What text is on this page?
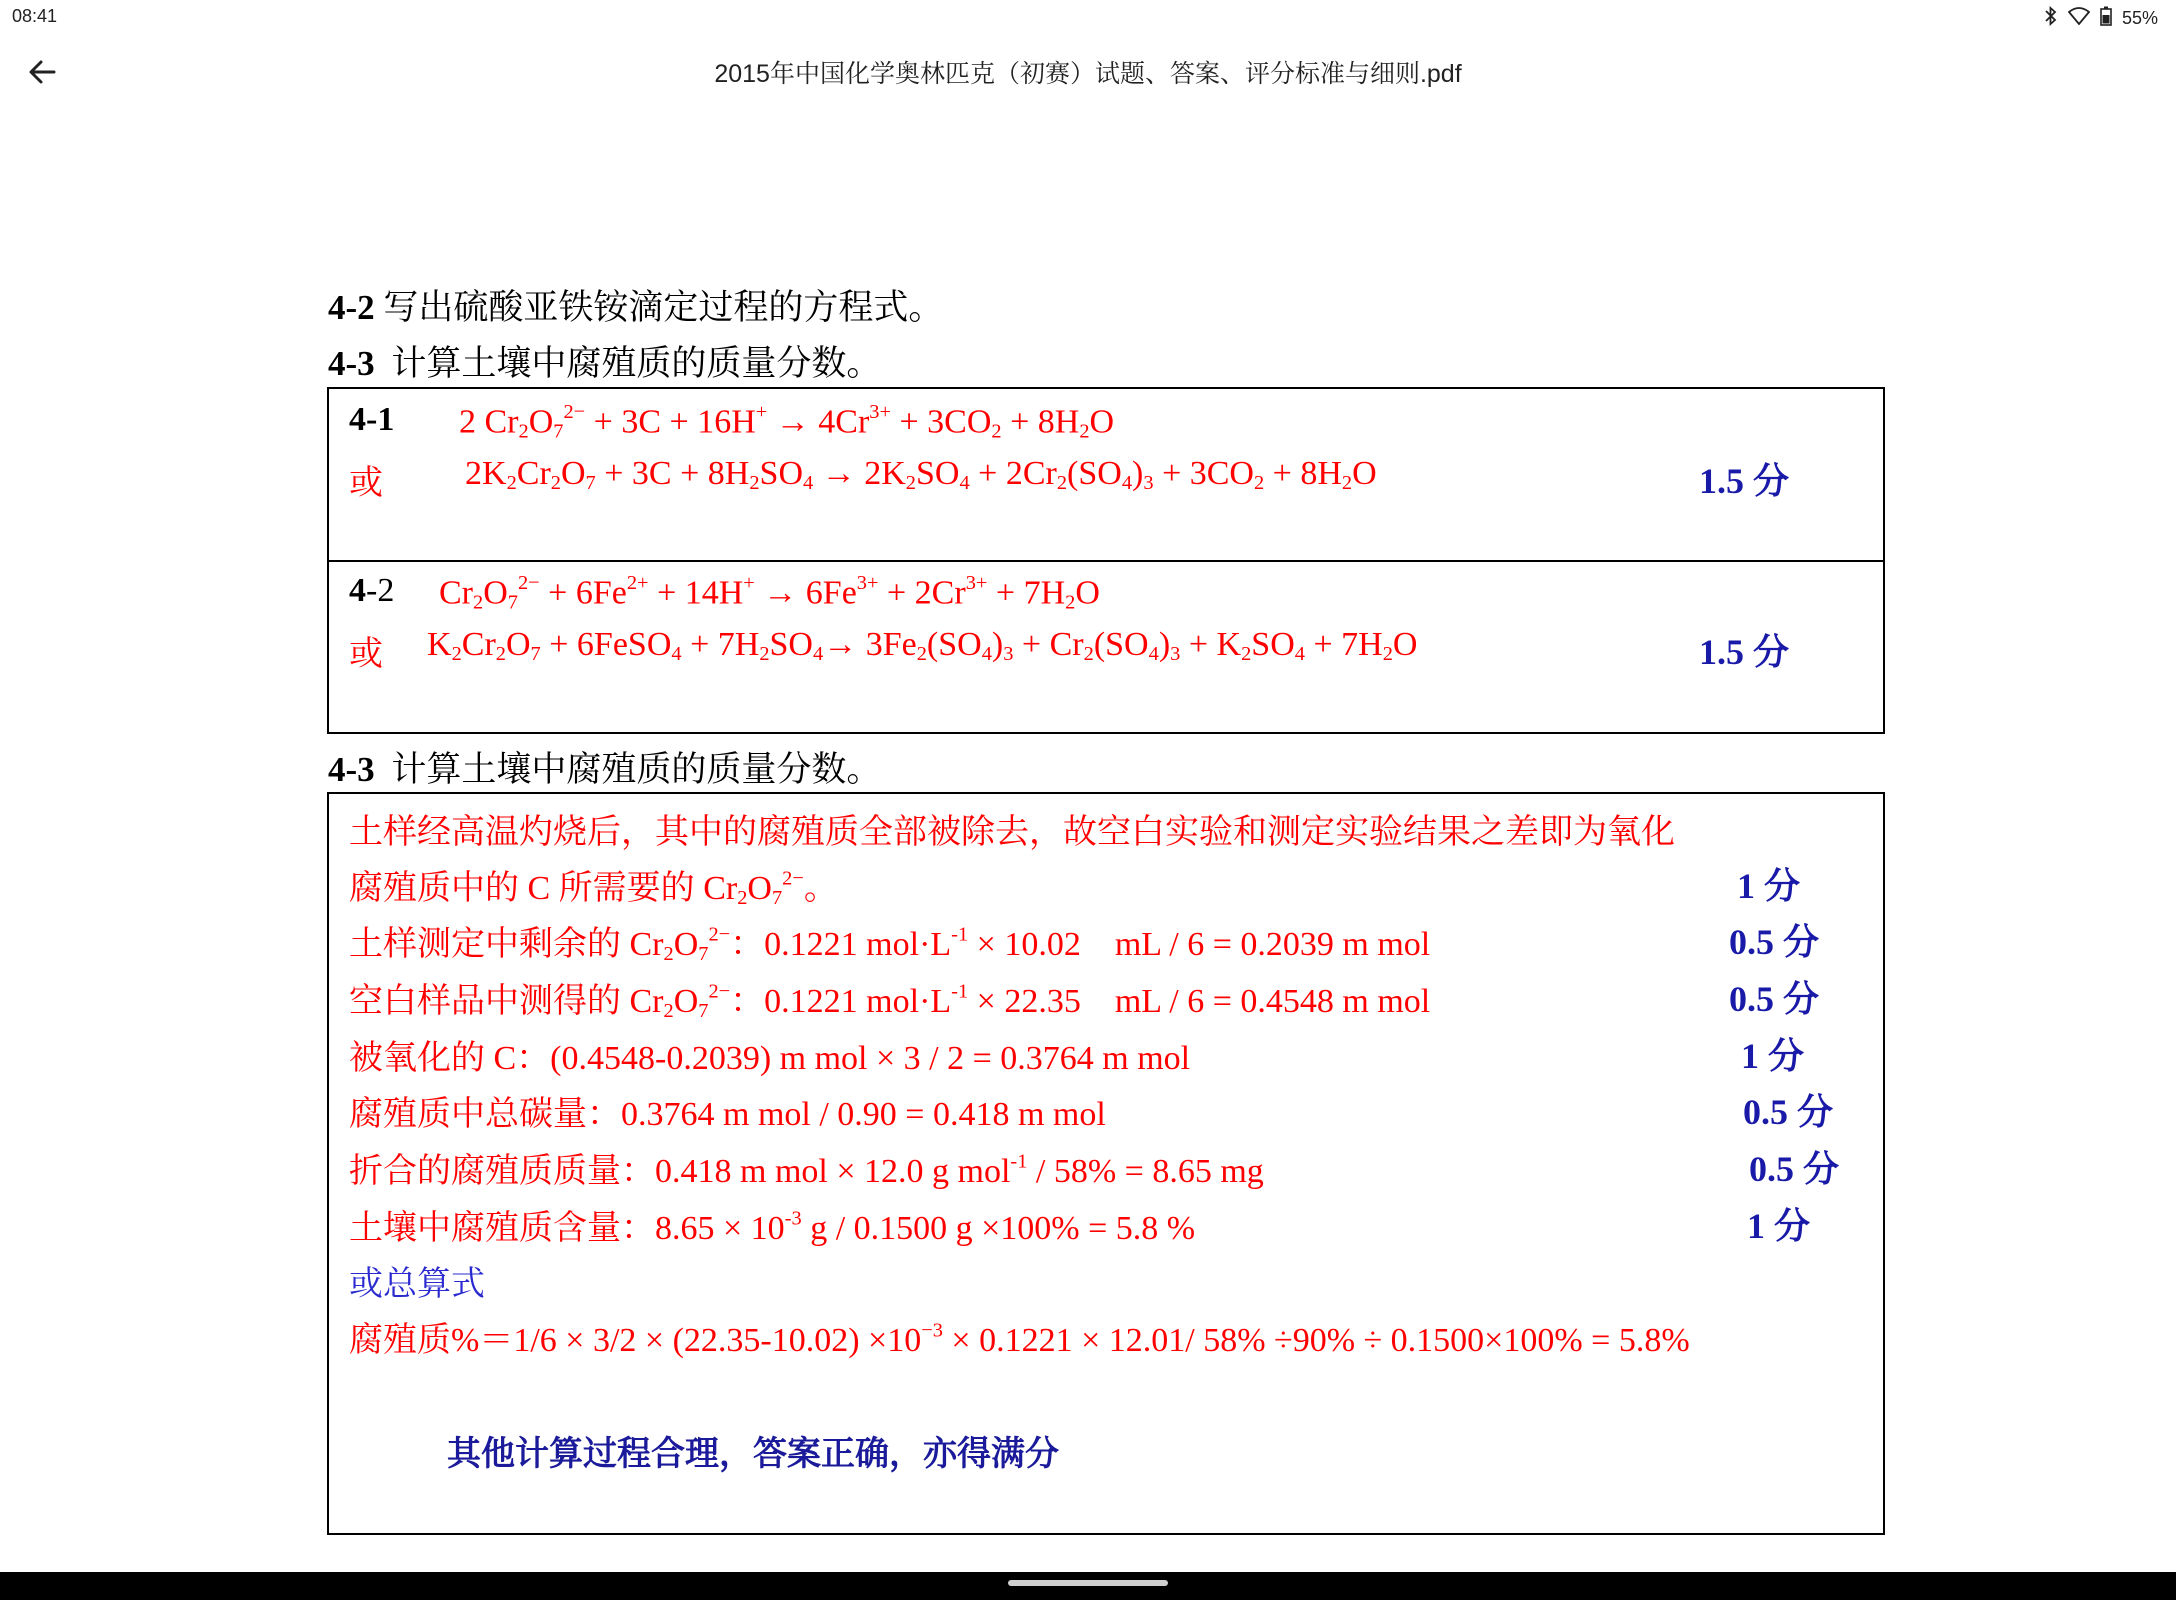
08:41	55%
2015年中国化学奥林匹克（初赛）试题、答案、评分标准与细则.pdf
4-2 写出硫酸亚铁铵滴定过程的方程式。
4-3 计算土壤中腐殖质的质量分数。
4-1 2 $Cr_2O_7^{2-} + 3C + 16H^+ \to 4Cr^{3+} + 3CO_2 + 8H_2O$
或 $2K_2Cr_2O_7 + 3C + 8H_2SO_4 \to 2K_2SO_4 + 2Cr_2(SO_4)_3 + 3CO_2 + 8H_2O$	1.5 分
4-2 $Cr_2O_7^{2-} + 6Fe^{2+} + 14H^+ \to 6Fe^{3+} + 2Cr^{3+} + 7H_2O$
或 $K_2Cr_2O_7$ + 6FeSO$_4$ + $7H_2SO_4\to 3Fe_2(SO_4)_3 + Cr_2(SO_4)_3 + K_2SO_4 + 7H_2O$	1.5 分
4-3 计算土壤中腐殖质的质量分数。
土样经高温灼烧后，其中的腐殖质全部被除去，故空白实验和测定实验结果之差即为氧化
腐殖质中的 C 所需要的 $Cr_2O_7^{2-}$。	1 分
土样测定中剩余的 $Cr_2O_7^{2-}$：0.1221 $mol\cdot L^{-1} \times 10.02$    mL / 6 = 0.2039 m mol	0.5 分
空白样品中测得的 $Cr_2O_7^{2-}$：0.1221 $mol\cdot L^{-1} \times 22.35$    mL / 6 = 0.4548 m mol	0.5 分
被氧化的 C：(0.4548-0.2039) m mol × 3 / 2 = 0.3764 m mol	1 分
腐殖质中总碳量：0.3764 m mol / 0.90 = 0.418 m mol	0.5 分
折合的腐殖质质量：0.418 m mol × 12.0 g mol$^{-1}$ / 58% = 8.65 mg	0.5 分
土壤中腐殖质含量：$8.65 \times 10^{-3}$ g / 0.1500 g ×100% = 5.8 %	1 分
或总算式
腐殖质$\%=1/6 \times 3/2 \times (22.35-10.02) \times 10^{-3} \times 0.1221 \times 12.01/$ 58% ÷90% ÷ 0.1500×100% = 5.8%
其他计算过程合理，答案正确，亦得满分
